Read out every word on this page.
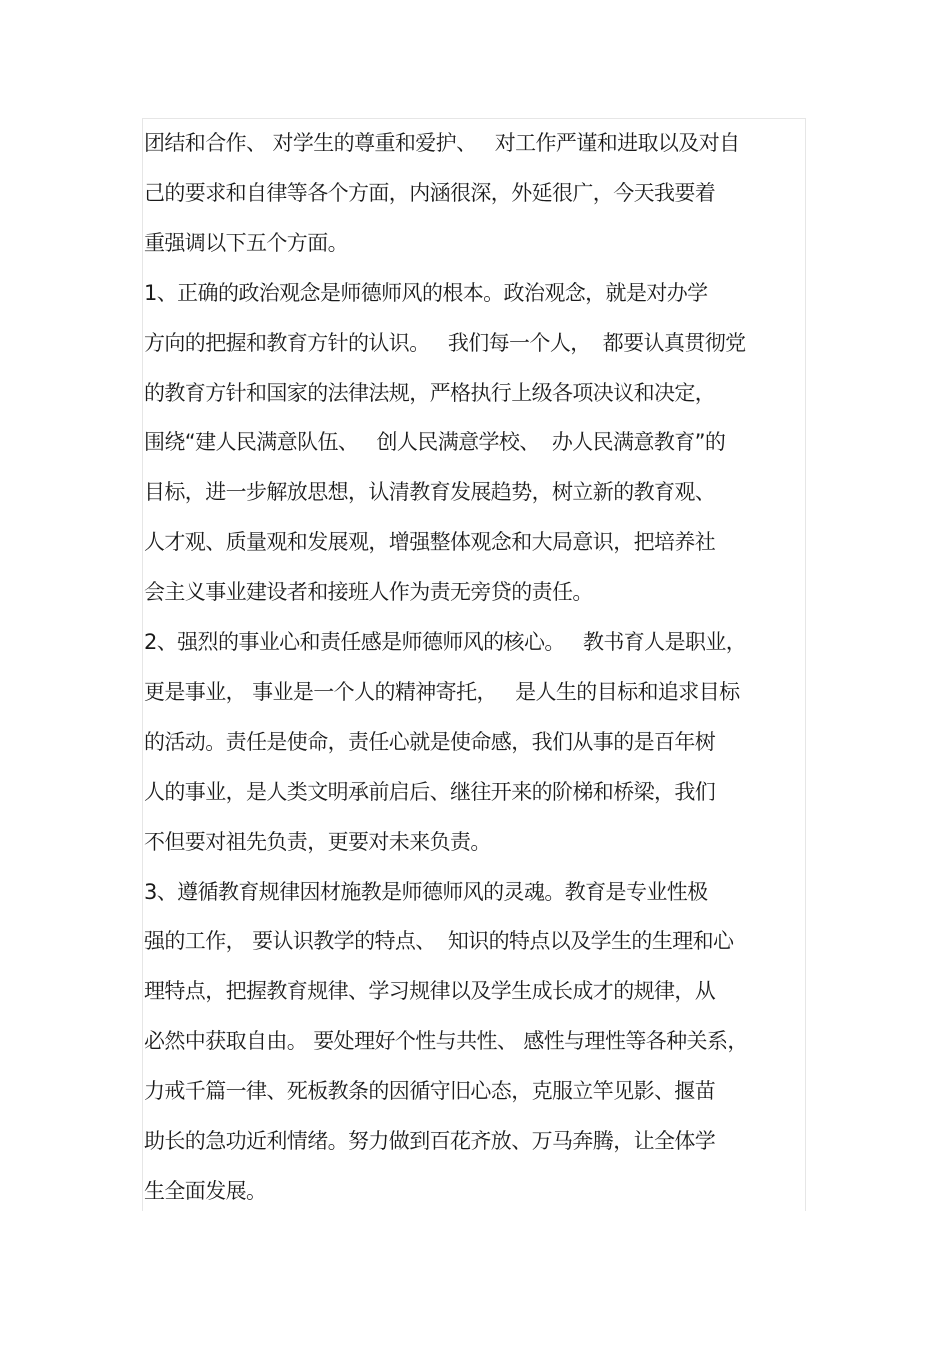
团结和合作、 对学生的尊重和爱护、   对工作严谨和进取以及对自
己的要求和自律等各个方面，内涵很深，外延很广，今天我要着
重强调以下五个方面。
1、正确的政治观念是师德师风的根本。政治观念，就是对办学
方向的把握和教育方针的认识。   我们每一个人，  都要认真贯彻党
的教育方针和国家的法律法规，严格执行上级各项决议和决定，
围绕“建人民满意队伍、   创人民满意学校、  办人民满意教育”的
目标，进一步解放思想，认清教育发展趋势，树立新的教育观、
人才观、质量观和发展观，增强整体观念和大局意识，把培养社
会主义事业建设者和接班人作为责无旁贷的责任。
2、强烈的事业心和责任感是师德师风的核心。   教书育人是职业，
更是事业， 事业是一个人的精神寄托，   是人生的目标和追求目标
的活动。责任是使命，责任心就是使命感，我们从事的是百年树
人的事业，是人类文明承前启后、继往开来的阶梯和桥梁，我们
不但要对祖先负责，更要对未来负责。
3、遵循教育规律因材施教是师德师风的灵魂。教育是专业性极
强的工作， 要认识教学的特点、  知识的特点以及学生的生理和心
理特点，把握教育规律、学习规律以及学生成长成才的规律，从
必然中获取自由。 要处理好个性与共性、 感性与理性等各种关系，
力戒千篇一律、死板教条的因循守旧心态，克服立竿见影、揠苗
助长的急功近利情绪。努力做到百花齐放、万马奔腾，让全体学
生全面发展。
